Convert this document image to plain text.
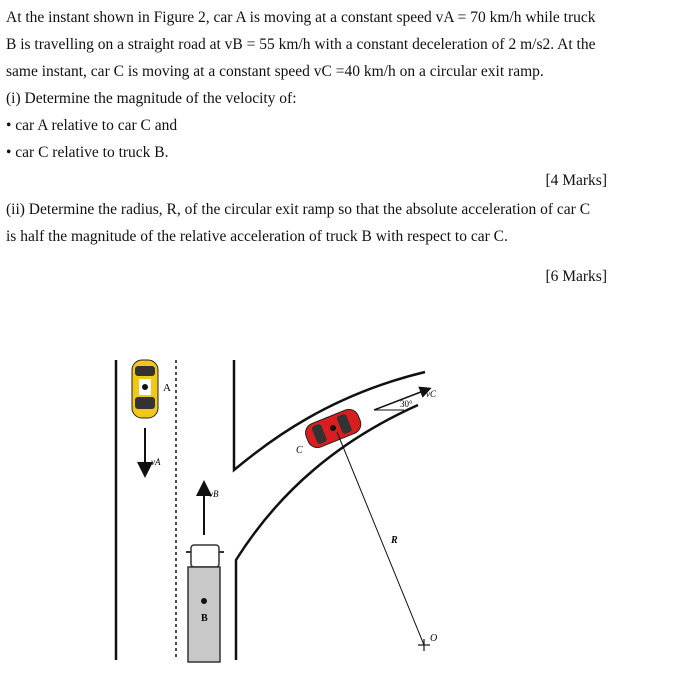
At the instant shown in Figure 2, car A is moving at a constant speed vA = 70 km/h while truck

B is travelling on a straight road at vB = 55 km/h with a constant deceleration of 2 m/s2. At the

same instant, car C is moving at a constant speed vC =40 km/h on a circular exit ramp.

(i) Determine the magnitude of the velocity of:

• car A relative to car C and

• car C relative to truck B.

[4 Marks]

(ii) Determine the radius, R, of the circular exit ramp so that the absolute acceleration of car C

is half the magnitude of the relative acceleration of truck B with respect to car C.

[6 Marks]
A
vA
vB
B
C
30°
vC
R
O
